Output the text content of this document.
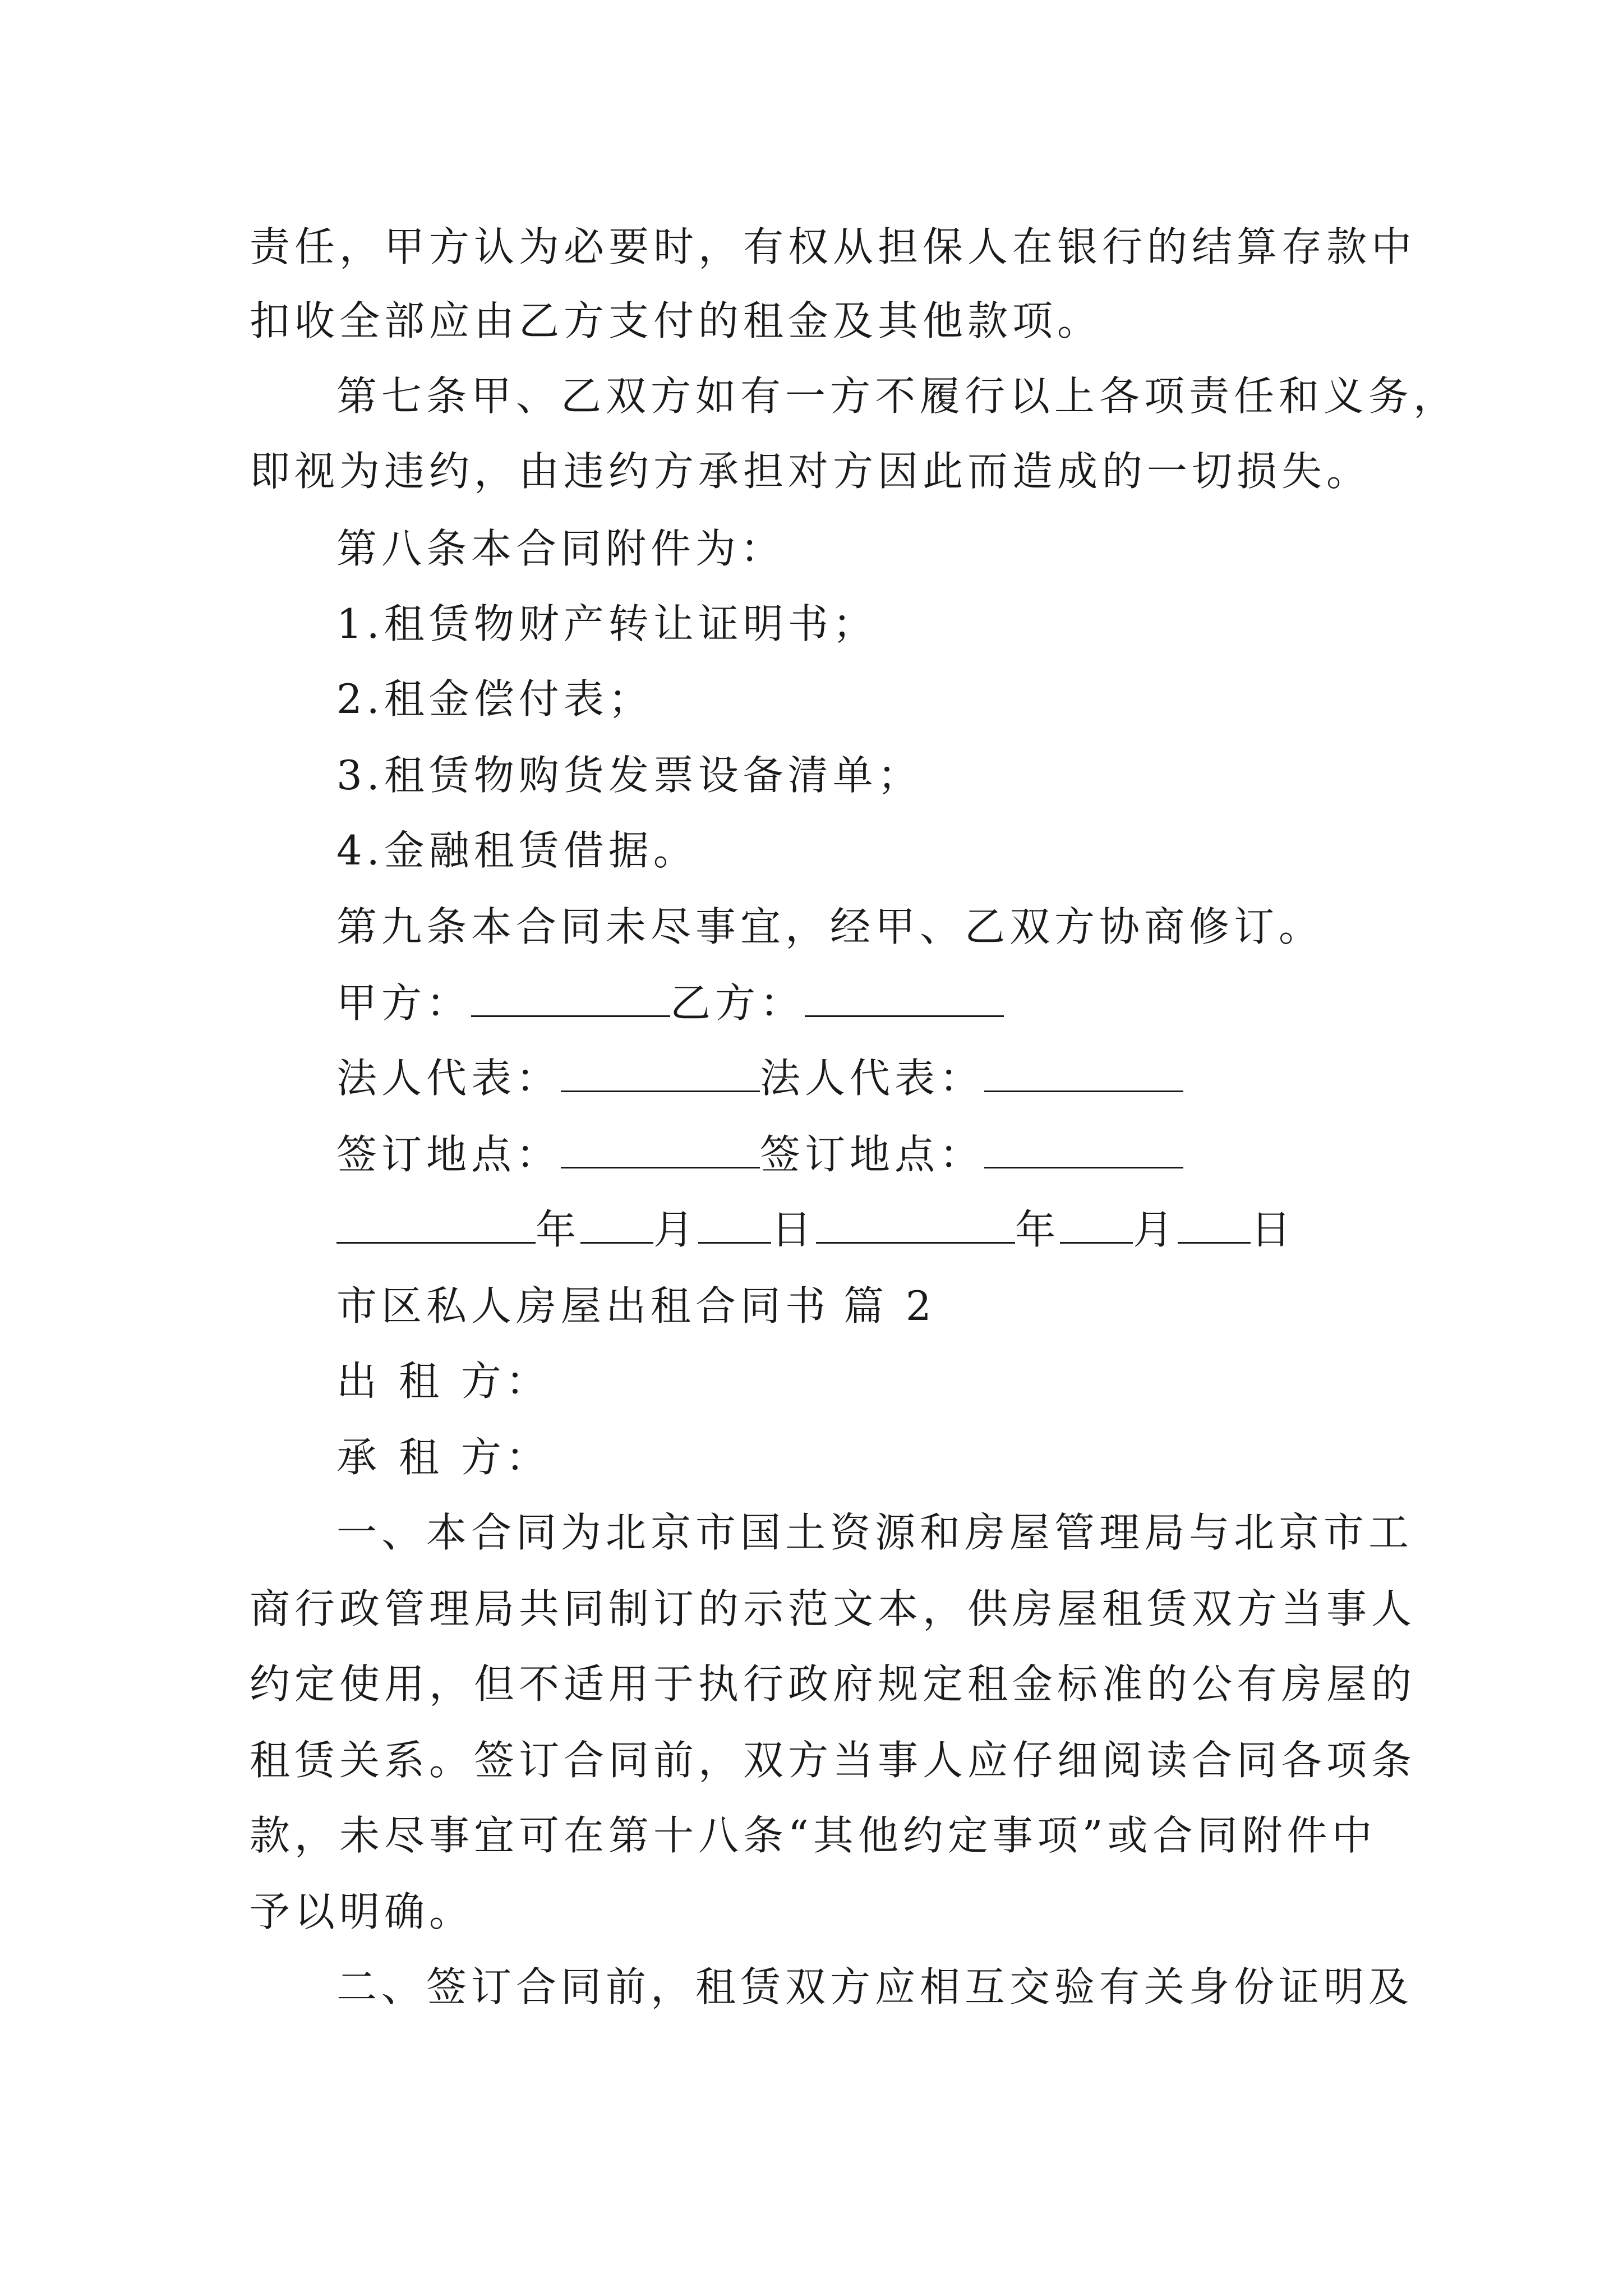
责任，甲方认为必要时，有权从担保人在银行的结算存款中
扣收全部应由乙方支付的租金及其他款项。
第七条甲、乙双方如有一方不履行以上各项责任和义务，
即视为违约，由违约方承担对方因此而造成的一切损失。
第八条本合同附件为：
1.租赁物财产转让证明书；
2.租金偿付表；
3.租赁物购货发票设备清单；
4.金融租赁借据。
第九条本合同未尽事宜，经甲、乙双方协商修订。
甲方：	乙方：
法人代表：	法人代表：
签订地点：	签订地点：
年 月 日	年 月 日
市区私人房屋出租合同书 篇 2
出 租 方：
承 租 方：
一、本合同为北京市国土资源和房屋管理局与北京市工
商行政管理局共同制订的示范文本，供房屋租赁双方当事人
约定使用，但不适用于执行政府规定租金标准的公有房屋的
租赁关系。签订合同前，双方当事人应仔细阅读合同各项条
款，未尽事宜可在第十八条“其他约定事项”或合同附件中
予以明确。
二、签订合同前，租赁双方应相互交验有关身份证明及
